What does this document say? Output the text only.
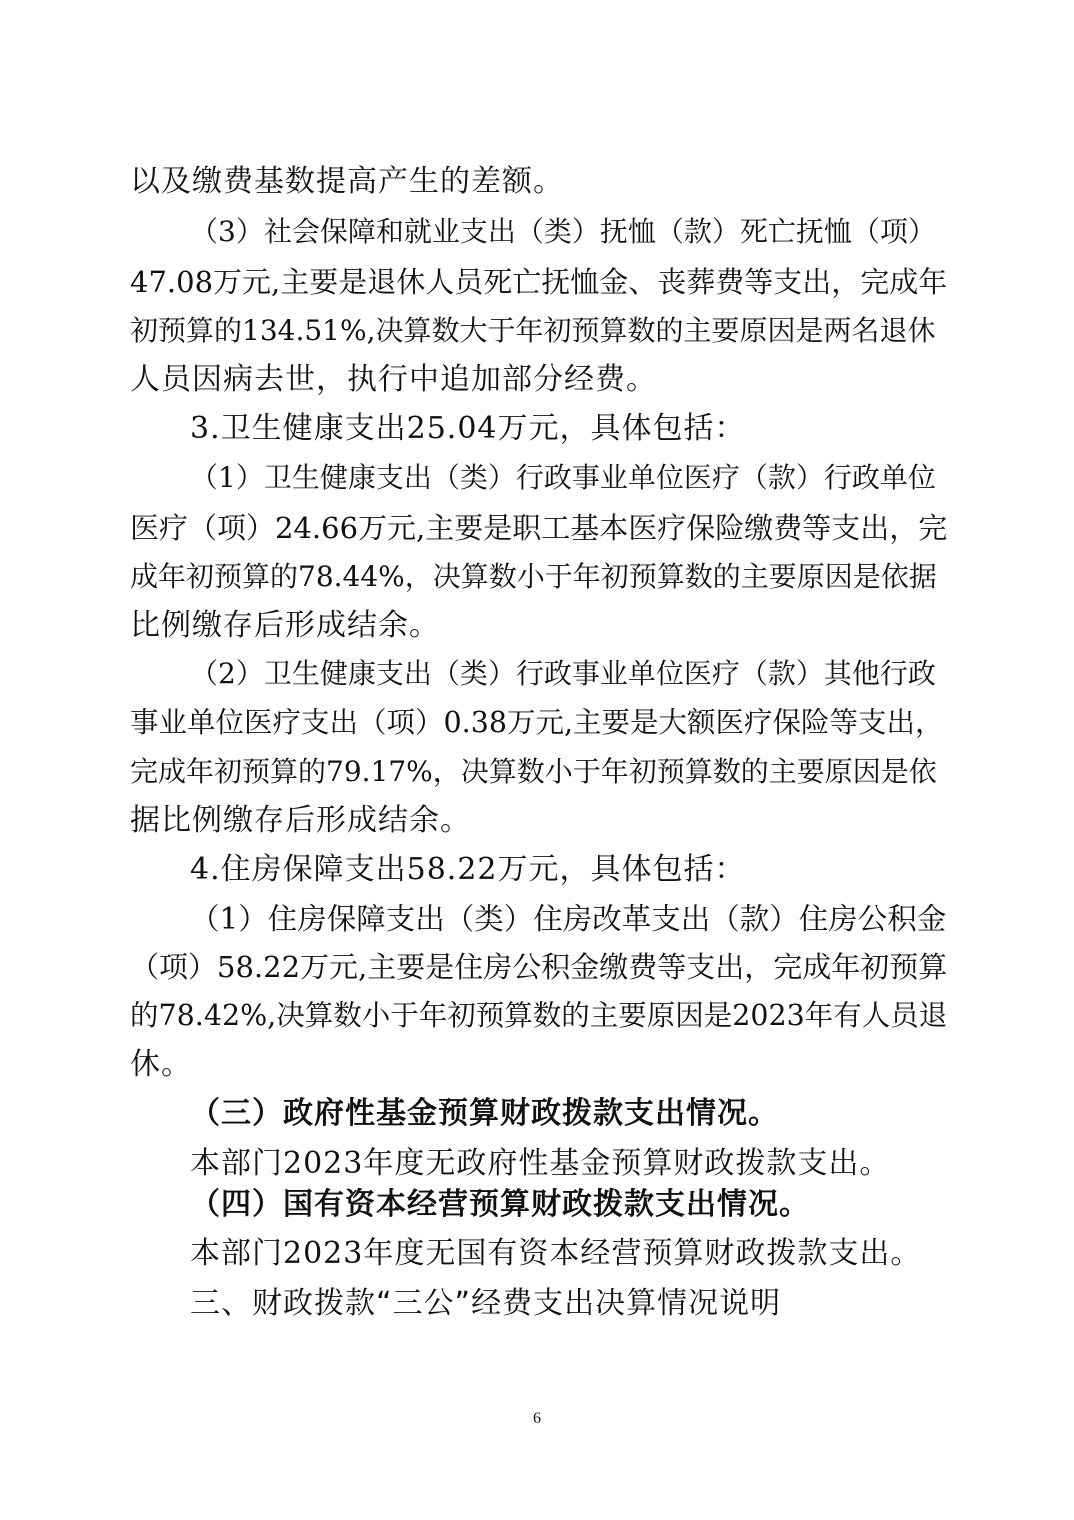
以及缴费基数提高产生的差额。
（3）社会保障和就业支出（类）抚恤（款）死亡抚恤（项）
47.08万元,主要是退休人员死亡抚恤金、丧葬费等支出，完成年
初预算的134.51%,决算数大于年初预算数的主要原因是两名退休
人员因病去世，执行中追加部分经费。
3.卫生健康支出25.04万元，具体包括：
（1）卫生健康支出（类）行政事业单位医疗（款）行政单位
医疗（项）24.66万元,主要是职工基本医疗保险缴费等支出，完
成年初预算的78.44%，决算数小于年初预算数的主要原因是依据
比例缴存后形成结余。
（2）卫生健康支出（类）行政事业单位医疗（款）其他行政
事业单位医疗支出（项）0.38万元,主要是大额医疗保险等支出，
完成年初预算的79.17%，决算数小于年初预算数的主要原因是依
据比例缴存后形成结余。
4.住房保障支出58.22万元，具体包括：
（1）住房保障支出（类）住房改革支出（款）住房公积金
（项）58.22万元,主要是住房公积金缴费等支出，完成年初预算
的78.42%,决算数小于年初预算数的主要原因是2023年有人员退
休。
（三）政府性基金预算财政拨款支出情况。
本部门2023年度无政府性基金预算财政拨款支出。
（四）国有资本经营预算财政拨款支出情况。
本部门2023年度无国有资本经营预算财政拨款支出。
三、财政拨款“三公”经费支出决算情况说明
6
